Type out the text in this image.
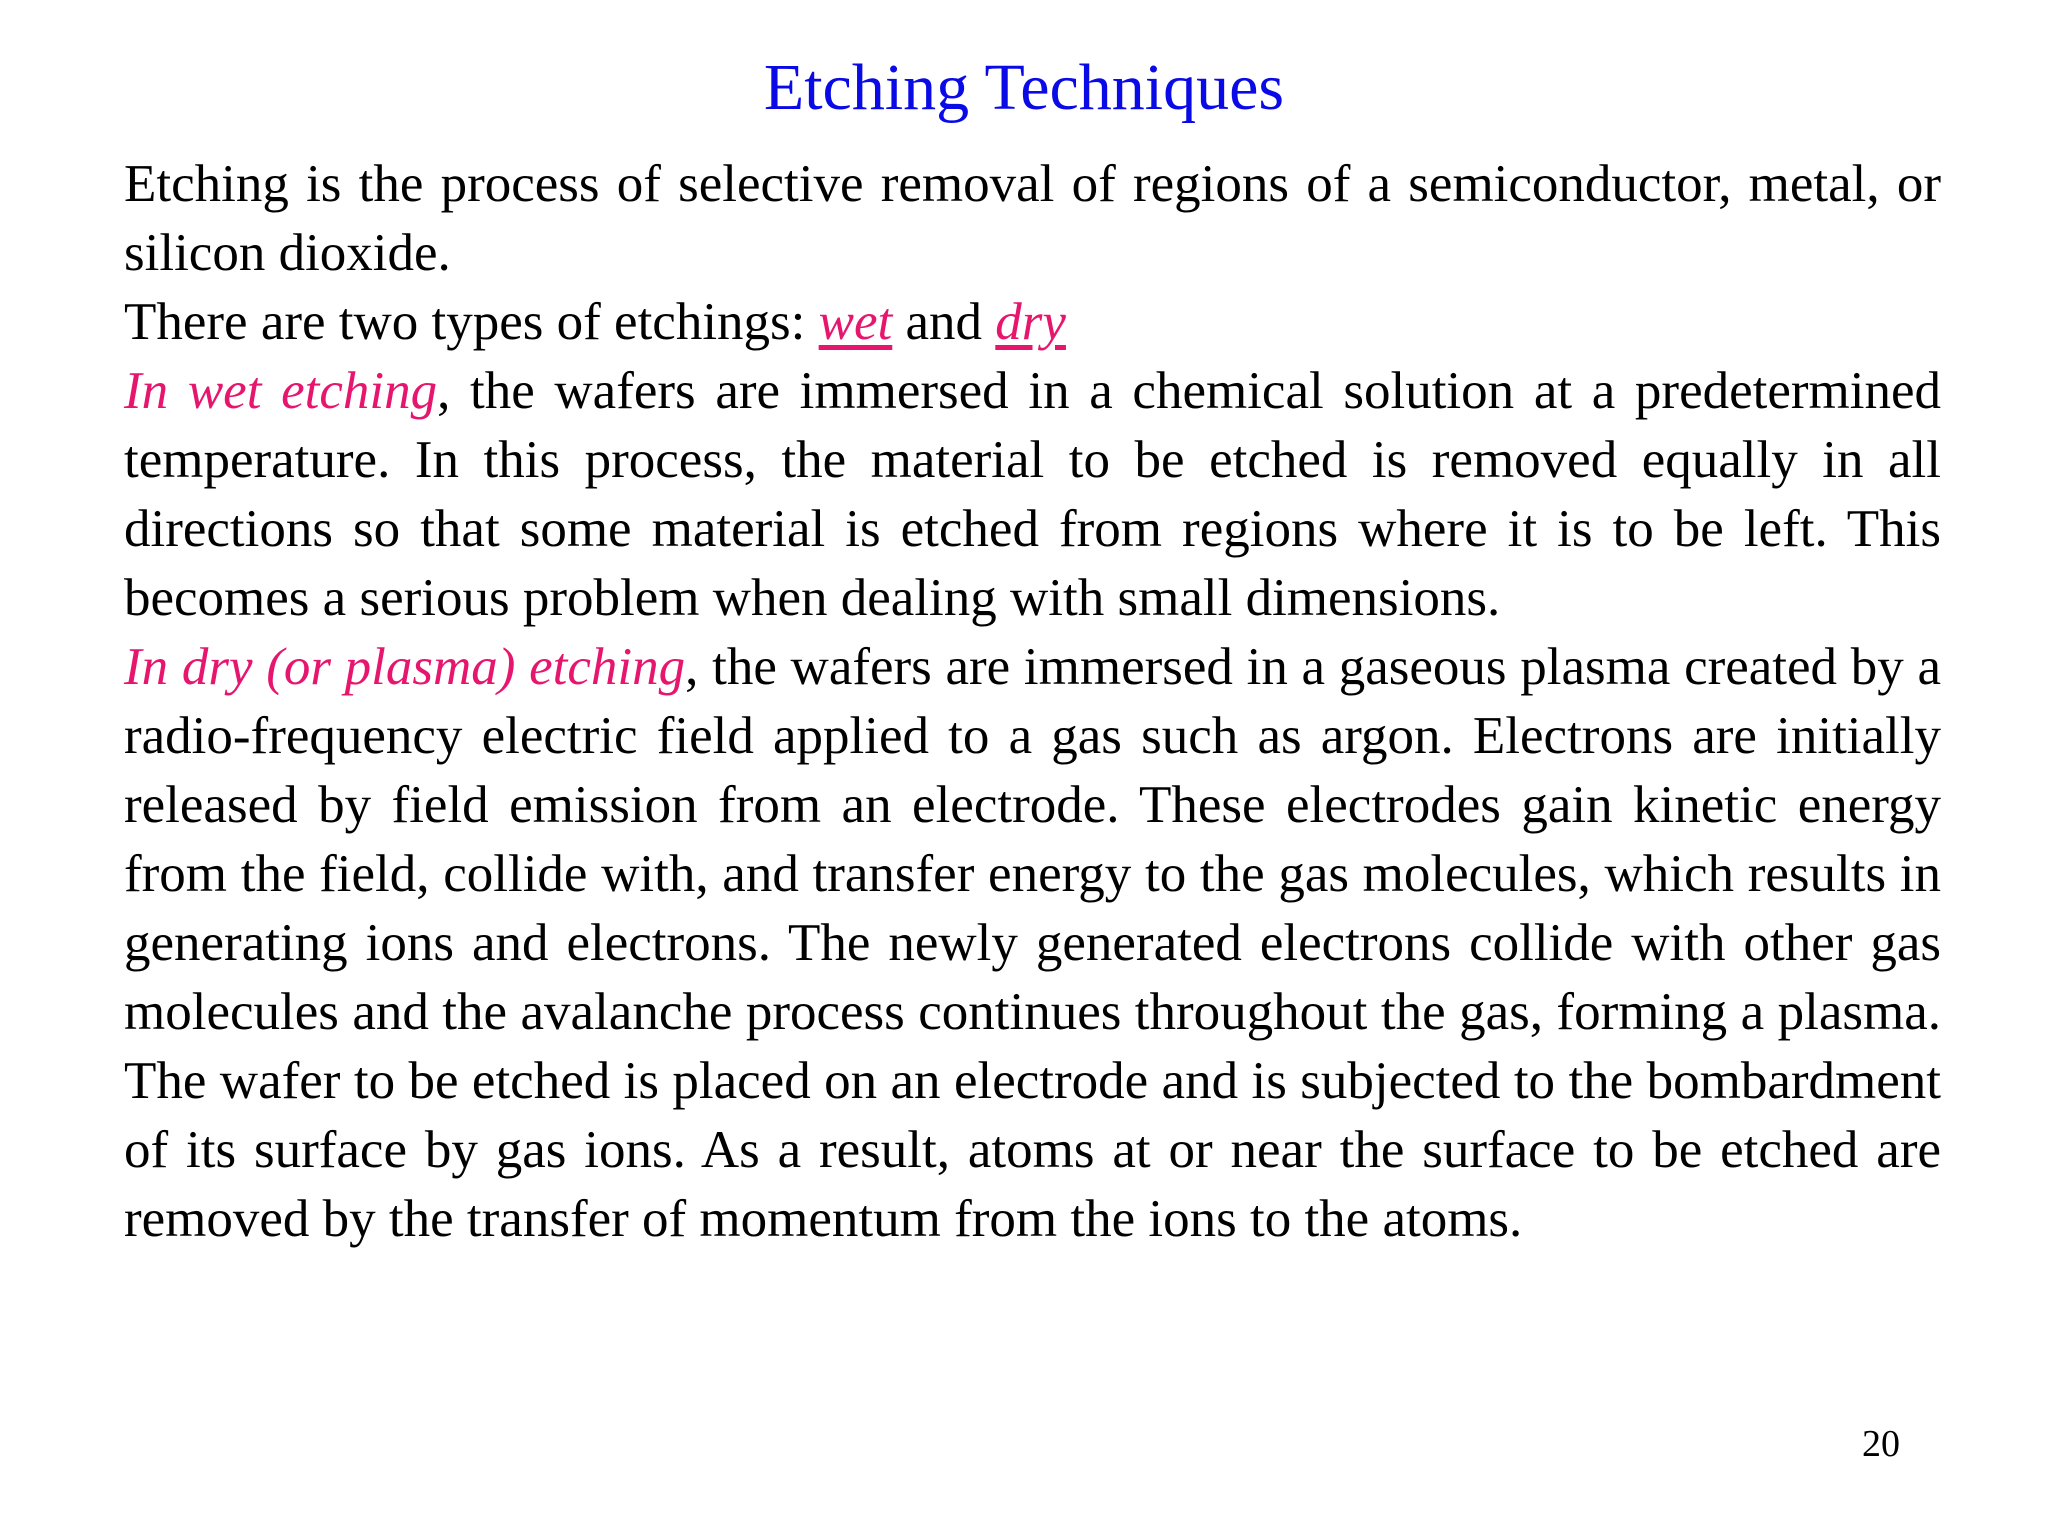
Etching Techniques

Etching is the process of selective removal of regions of a semiconductor, metal, or silicon dioxide.

There are two types of etchings: wet and dry

In wet etching, the wafers are immersed in a chemical solution at a predetermined temperature. In this process, the material to be etched is removed equally in all directions so that some material is etched from regions where it is to be left. This becomes a serious problem when dealing with small dimensions.

In dry (or plasma) etching, the wafers are immersed in a gaseous plasma created by a radio-frequency electric field applied to a gas such as argon. Electrons are initially released by field emission from an electrode. These electrodes gain kinetic energy from the field, collide with, and transfer energy to the gas molecules, which results in generating ions and electrons. The newly generated electrons collide with other gas molecules and the avalanche process continues throughout the gas, forming a plasma. The wafer to be etched is placed on an electrode and is subjected to the bombardment of its surface by gas ions. As a result, atoms at or near the surface to be etched are removed by the transfer of momentum from the ions to the atoms.

20
